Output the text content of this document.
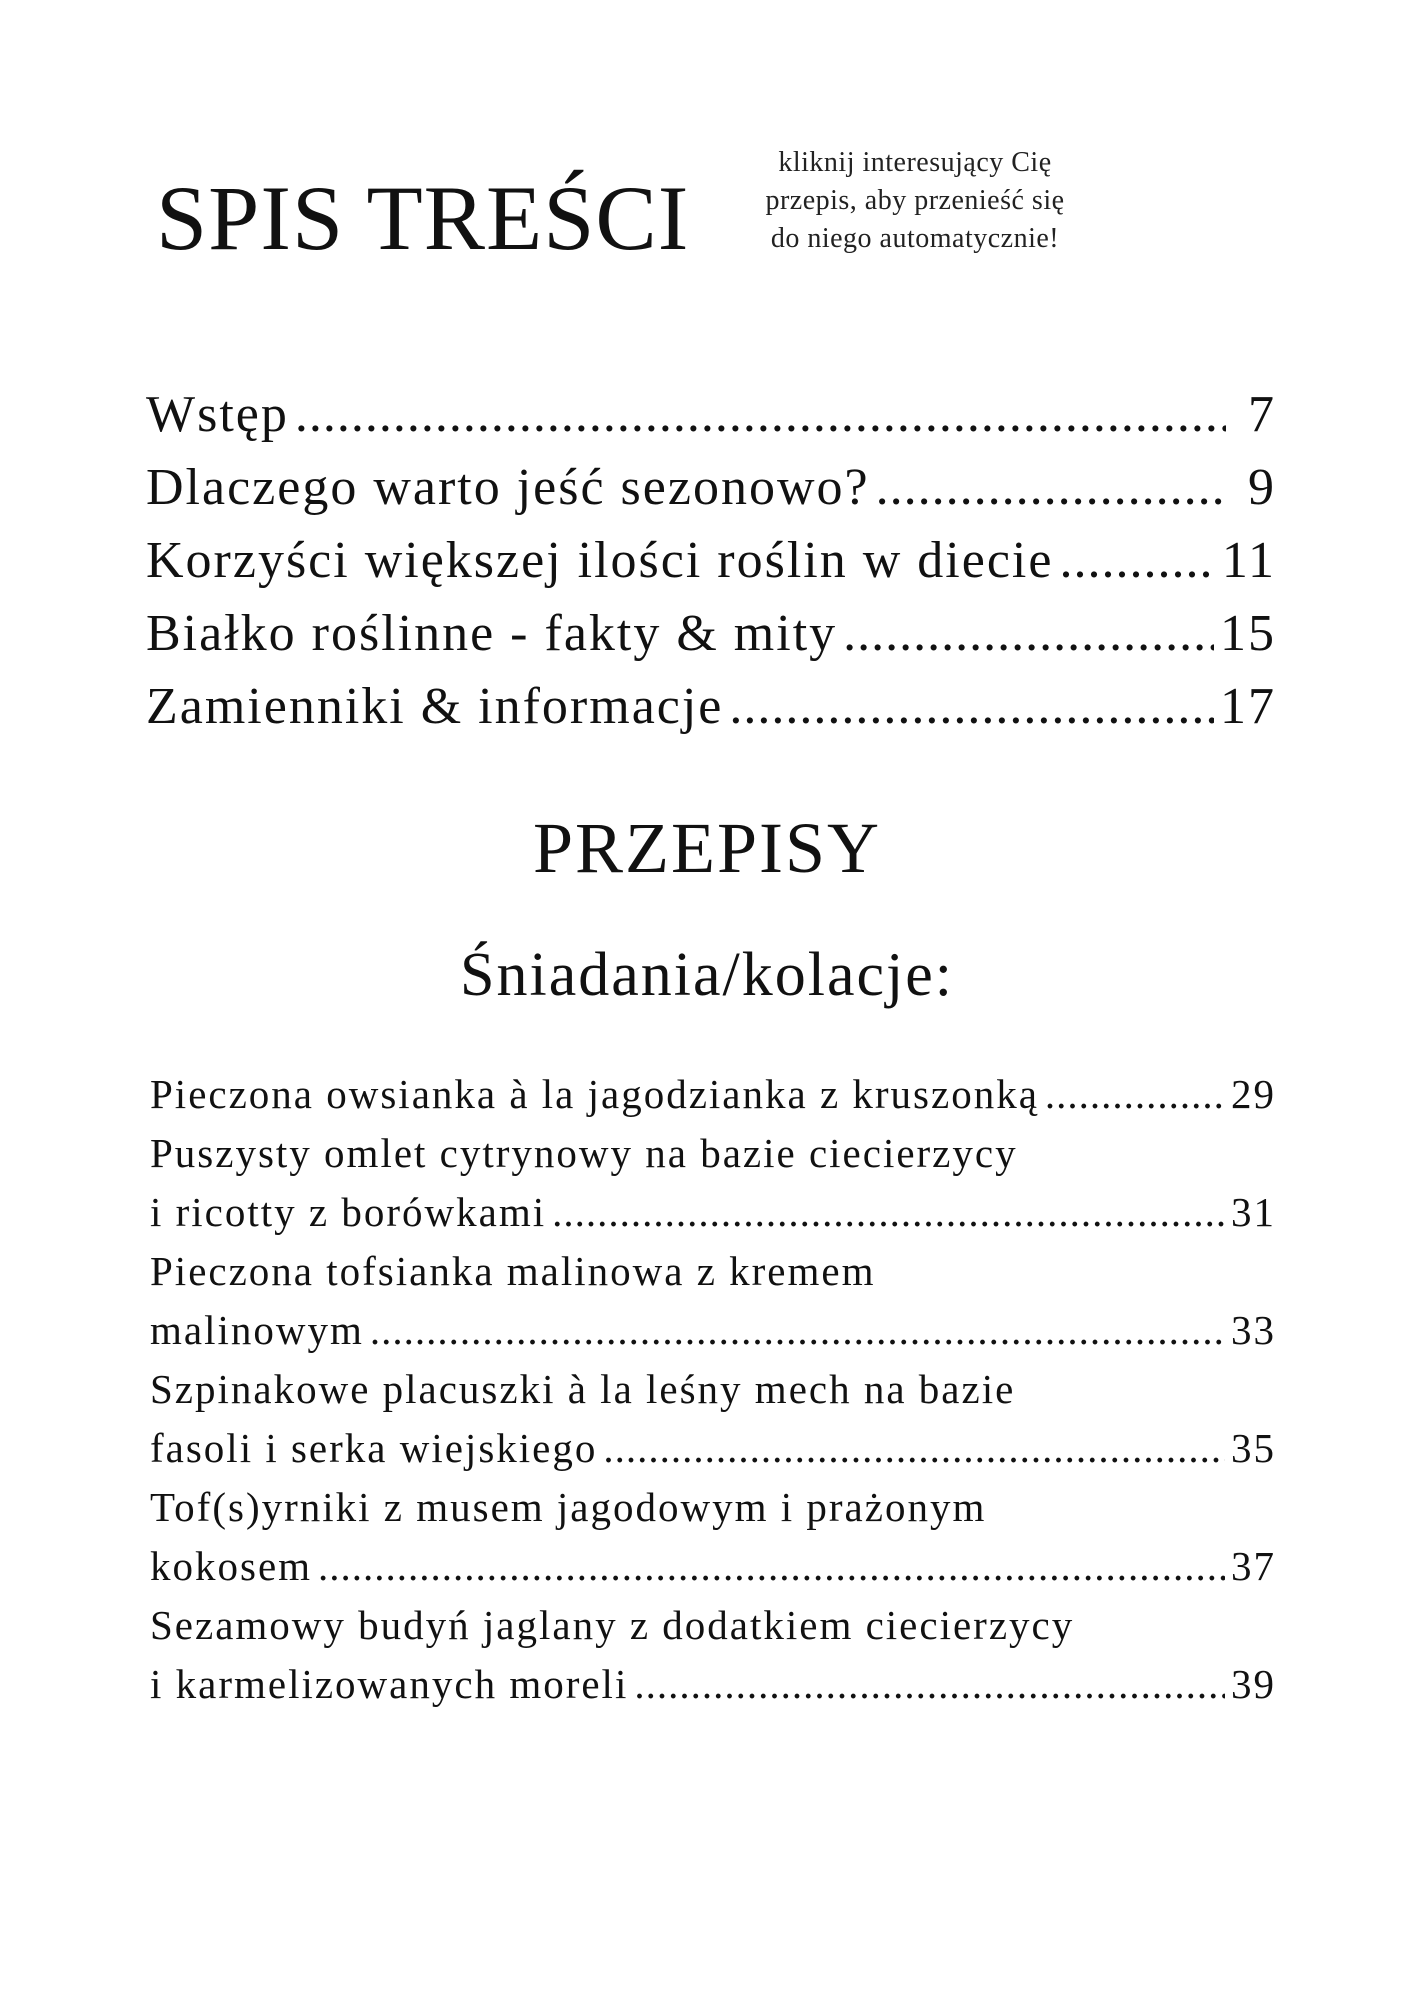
SPIS TREŚCI
kliknij interesujący Cię
przepis, aby przenieść się
do niego automatycznie!
Wstęp .....	7
Dlaczego warto jeść sezonowo? .....	9
Korzyści większej ilości roślin w diecie .....	11
Białko roślinne - fakty & mity .....	15
Zamienniki & informacje .....	17
PRZEPISY
Śniadania/kolacje:
Pieczona owsianka à la jagodzianka z kruszonką .....	29
Puszysty omlet cytrynowy na bazie ciecierzycy
i ricotty z borówkami .....	31
Pieczona tofsianka malinowa z kremem
malinowym .....	33
Szpinakowe placuszki à la leśny mech na bazie
fasoli i serka wiejskiego .....	35
Tof(s)yrniki z musem jagodowym i prażonym
kokosem .....	37
Sezamowy budyń jaglany z dodatkiem ciecierzycy
i karmelizowanych moreli .....	39
